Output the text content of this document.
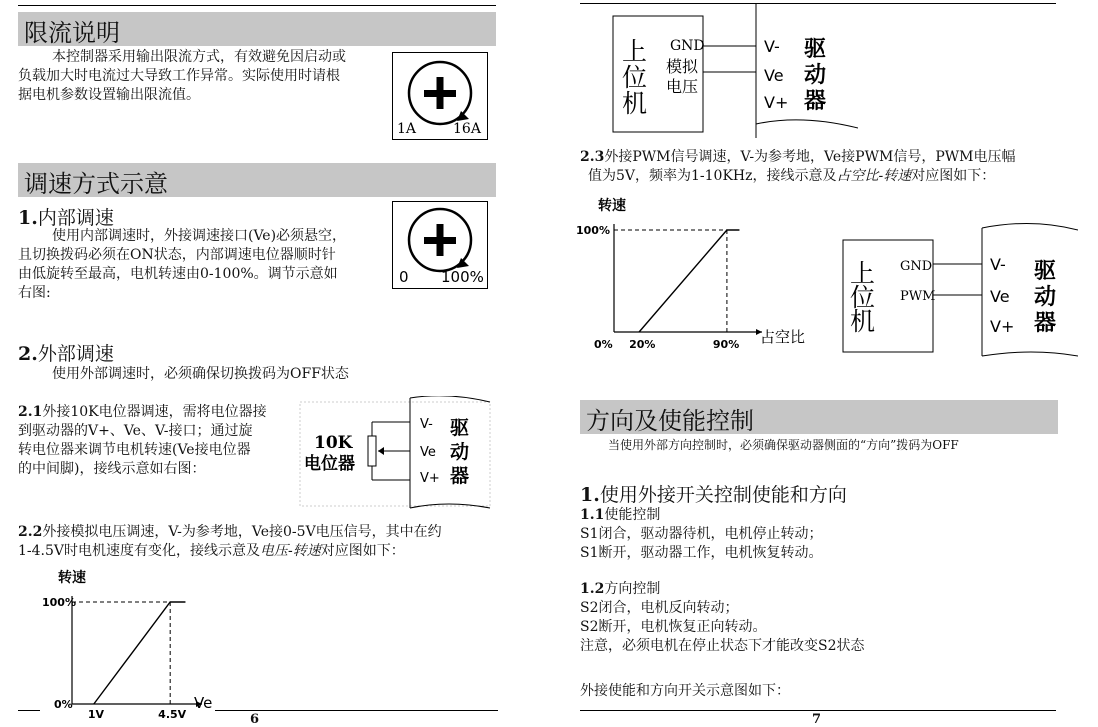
限流说明
本控制器采用输出限流方式，有效避免因启动或
负载加大时电流过大导致工作异常。实际使用时请根
据电机参数设置输出限流值。
1A	16A
调速方式示意
1.内部调速
使用内部调速时，外接调速接口(Ve)必须悬空，
且切换拨码必须在ON状态，内部调速电位器顺时针
由低旋转至最高，电机转速由0-100%。调节示意如
右图:
0 100%
2.外部调速
使用外部调速时，必须确保切换拨码为OFF状态
2.1外接10K电位器调速，需将电位器接
到驱动器的V+、Ve、V-接口；通过旋
转电位器来调节电机转速(Ve接电位器
的中间脚)，接线示意如右图：
10K
电位器
V-
Ve
V+
驱
动
器
2.2外接模拟电压调速，V-为参考地，Ve接0-5V电压信号，其中在约
1-4.5V时电机速度有变化，接线示意及电压-转速对应图如下：
转速
100%
0%
1V	4.5V
Ve
6
上
位
机
GND
模拟
电压
V-
Ve
V+
驱
动
器
2.3外接PWM信号调速，V-为参考地，Ve接PWM信号，PWM电压幅
值为5V，频率为1-10KHz，接线示意及占空比-转速对应图如下：
转速
100%
0% 20%	90% 占空比
上
位
机
GND
PWM
V-
Ve
V+
驱
动
器
方向及使能控制
当使用外部方向控制时，必须确保驱动器侧面的“方向”拨码为OFF
1.使用外接开关控制使能和方向
1.1使能控制
S1闭合，驱动器待机，电机停止转动；
S1断开，驱动器工作，电机恢复转动。
1.2方向控制
S2闭合，电机反向转动；
S2断开，电机恢复正向转动。
注意，必须电机在停止状态下才能改变S2状态
外接使能和方向开关示意图如下：
7
